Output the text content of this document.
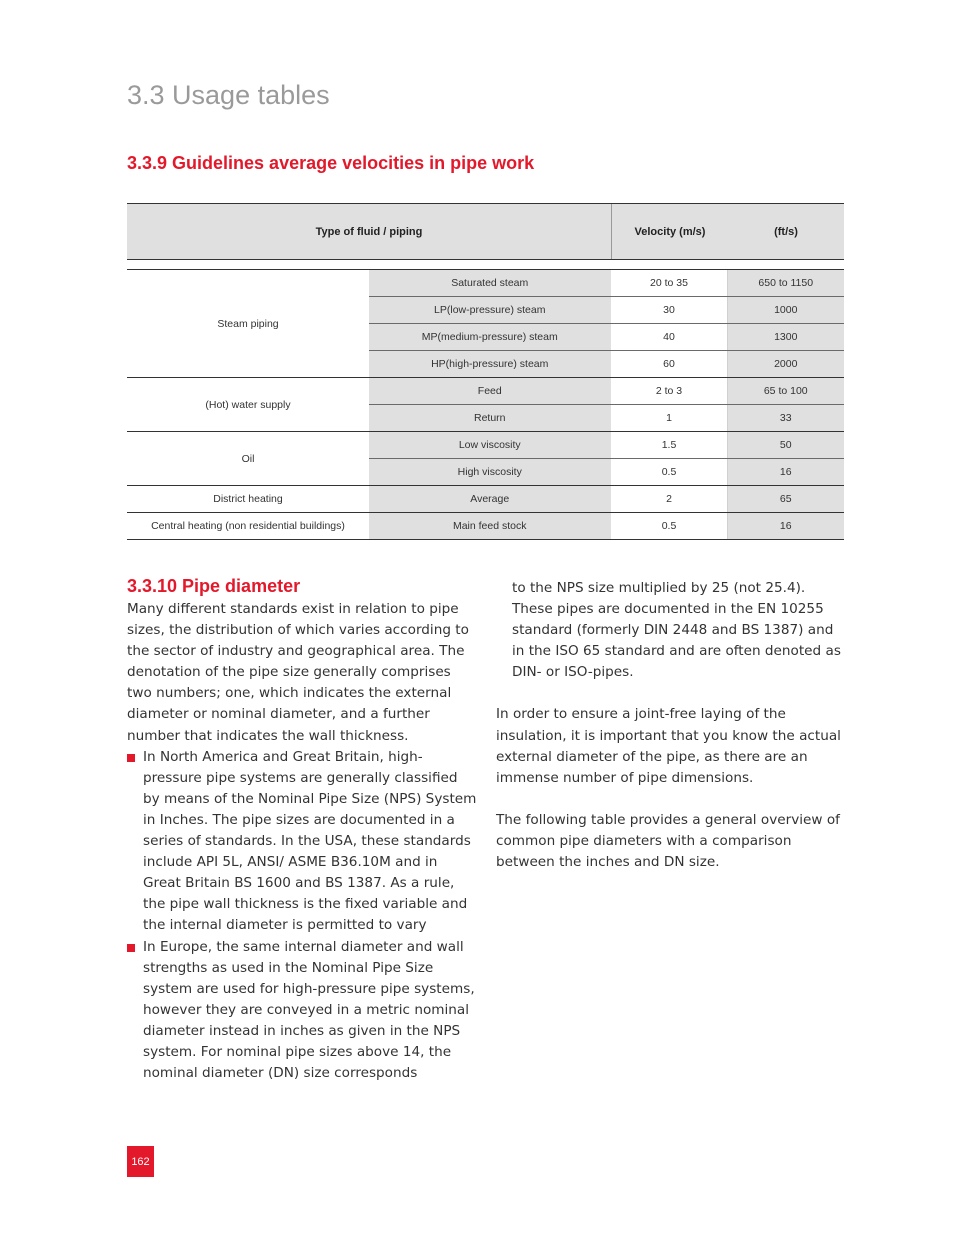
3.3 Usage tables
3.3.9 Guidelines average velocities in pipe work
Type of fluid / piping	Velocity (m/s)	(ft/s)
Steam piping	Saturated steam	20 to 35	650 to 1150
	LP(low-pressure) steam	30	1000
	MP(medium-pressure) steam	40	1300
	HP(high-pressure) steam	60	2000
(Hot) water supply	Feed	2 to 3	65 to 100
	Return	1	33
Oil	Low viscosity	1.5	50
	High viscosity	0.5	16
District heating	Average	2	65
Central heating (non residential buildings)	Main feed stock	0.5	16
3.3.10 Pipe diameter

Many different standards exist in relation to pipe sizes, the distribution of which varies according to the sector of industry and geographical area. The denotation of the pipe size generally comprises two numbers; one, which indicates the external diameter or nominal diameter, and a further number that indicates the wall thickness.

In North America and Great Britain, high-pressure pipe systems are generally classified by means of the Nominal Pipe Size (NPS) System in Inches. The pipe sizes are documented in a series of standards. In the USA, these standards include API 5L, ANSI/ ASME B36.10M and in Great Britain BS 1600 and BS 1387. As a rule, the pipe wall thickness is the fixed variable and the internal diameter is permitted to vary
In Europe, the same internal diameter and wall strengths as used in the Nominal Pipe Size system are used for high-pressure pipe systems, however they are conveyed in a metric nominal diameter instead in inches as given in the NPS system. For nominal pipe sizes above 14, the nominal diameter (DN) size corresponds

to the NPS size multiplied by 25 (not 25.4). These pipes are documented in the EN 10255 standard (formerly DIN 2448 and BS 1387) and in the ISO 65 standard and are often denoted as DIN- or ISO-pipes.

In order to ensure a joint-free laying of the insulation, it is important that you know the actual external diameter of the pipe, as there are an immense number of pipe dimensions.

The following table provides a general overview of common pipe diameters with a comparison between the inches and DN size.

162
